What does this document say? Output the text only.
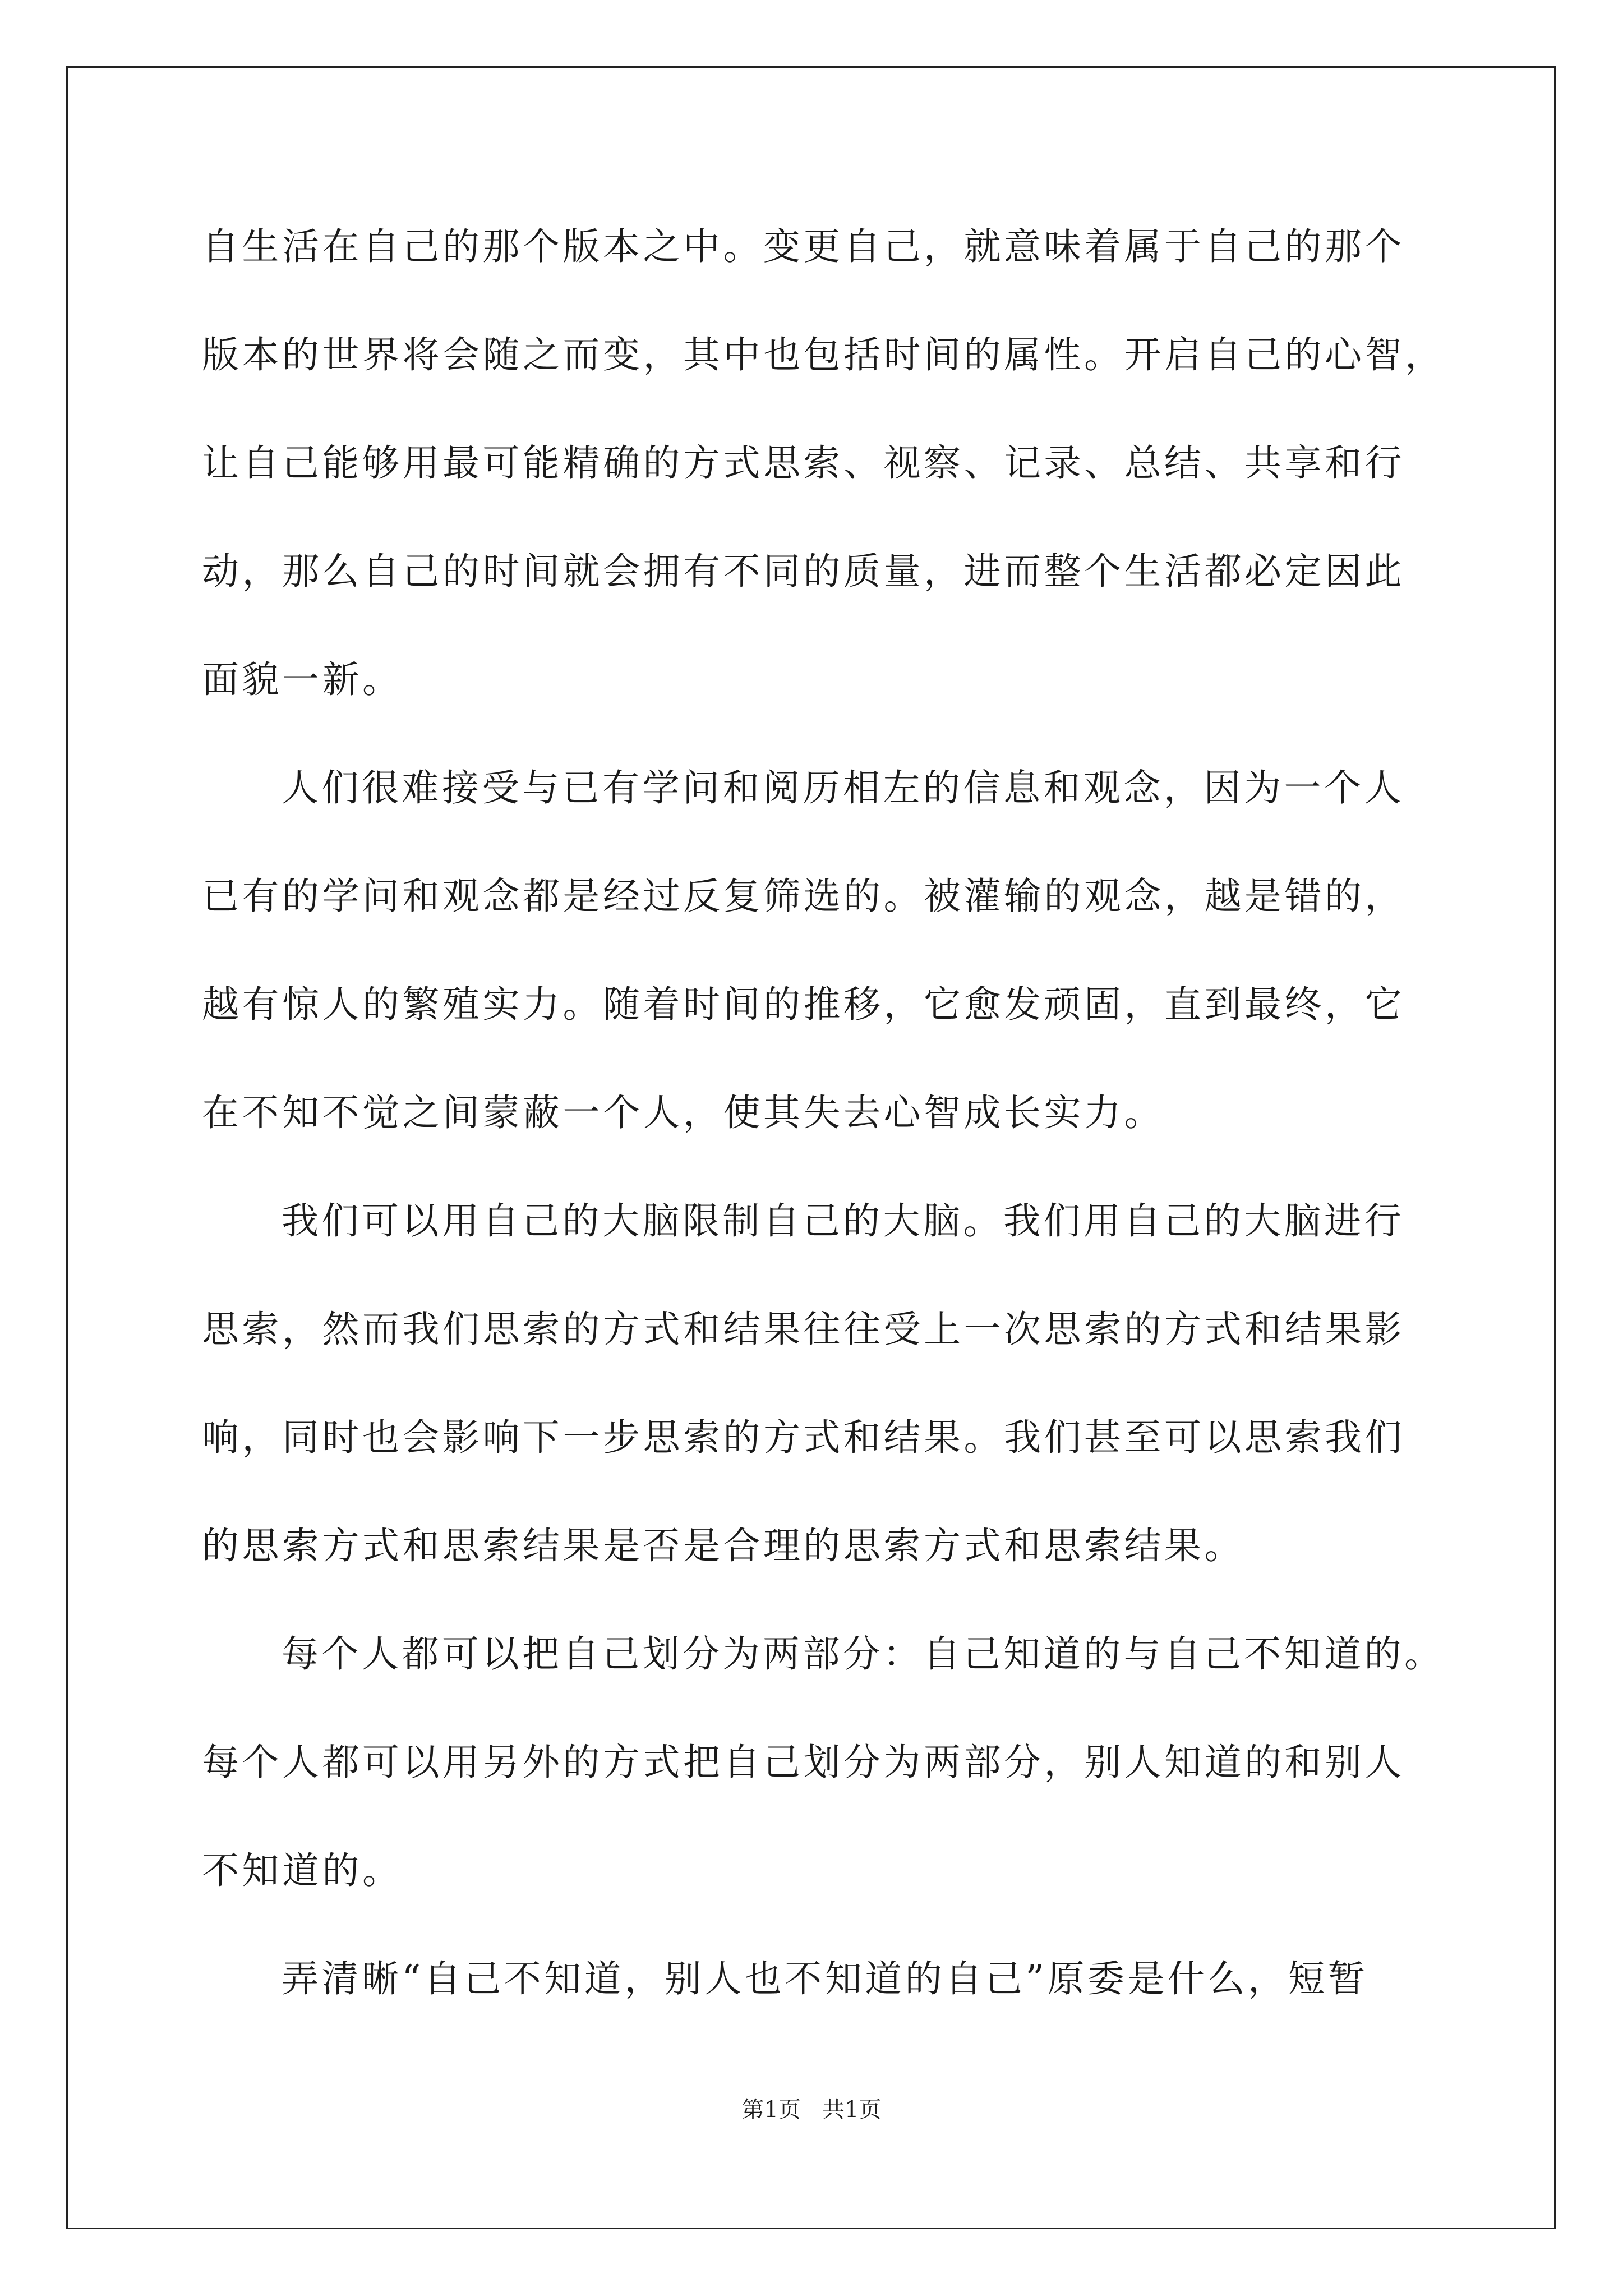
自生活在自己的那个版本之中。变更自己，就意味着属于自己的那个
版本的世界将会随之而变，其中也包括时间的属性。开启自己的心智，
让自己能够用最可能精确的方式思索、视察、记录、总结、共享和行
动，那么自己的时间就会拥有不同的质量，进而整个生活都必定因此
面貌一新。
人们很难接受与已有学问和阅历相左的信息和观念，因为一个人
已有的学问和观念都是经过反复筛选的。被灌输的观念，越是错的，
越有惊人的繁殖实力。随着时间的推移，它愈发顽固，直到最终，它
在不知不觉之间蒙蔽一个人，使其失去心智成长实力。
我们可以用自己的大脑限制自己的大脑。我们用自己的大脑进行
思索，然而我们思索的方式和结果往往受上一次思索的方式和结果影
响，同时也会影响下一步思索的方式和结果。我们甚至可以思索我们
的思索方式和思索结果是否是合理的思索方式和思索结果。
每个人都可以把自己划分为两部分：自己知道的与自己不知道的。
每个人都可以用另外的方式把自己划分为两部分，别人知道的和别人
不知道的。
弄清晰“自己不知道，别人也不知道的自己”原委是什么，短暂
第1页   共1页
